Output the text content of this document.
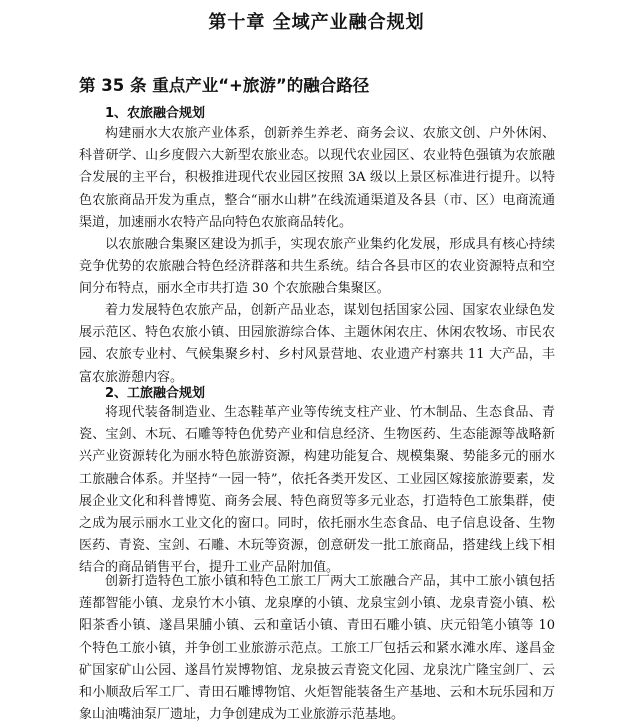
第十章 全域产业融合规划
第 35 条 重点产业“+旅游”的融合路径
1、农旅融合规划

构建丽水大农旅产业体系，创新养生养老、商务会议、农旅文创、户外休闲、科普研学、山乡度假六大新型农旅业态。以现代农业园区、农业特色强镇为农旅融合发展的主平台，积极推进现代农业园区按照 3A 级以上景区标准进行提升。以特色农旅商品开发为重点，整合“丽水山耕”在线流通渠道及各县（市、区）电商流通渠道，加速丽水农特产品向特色农旅商品转化。

以农旅融合集聚区建设为抓手，实现农旅产业集约化发展，形成具有核心持续竞争优势的农旅融合特色经济群落和共生系统。结合各县市区的农业资源特点和空间分布特点，丽水全市共打造 30 个农旅融合集聚区。

着力发展特色农旅产品，创新产品业态，谋划包括国家公园、国家农业绿色发展示范区、特色农旅小镇、田园旅游综合体、主题休闲农庄、休闲农牧场、市民农园、农旅专业村、气候集聚乡村、乡村风景营地、农业遗产村寨共 11 大产品，丰富农旅游憩内容。

2、工旅融合规划

将现代装备制造业、生态鞋革产业等传统支柱产业、竹木制品、生态食品、青瓷、宝剑、木玩、石雕等特色优势产业和信息经济、生物医药、生态能源等战略新兴产业资源转化为丽水特色旅游资源，构建功能复合、规模集聚、势能多元的丽水工旅融合体系。并坚持“一园一特”，依托各类开发区、工业园区嫁接旅游要素，发展企业文化和科普博览、商务会展、特色商贸等多元业态，打造特色工旅集群，使之成为展示丽水工业文化的窗口。同时，依托丽水生态食品、电子信息设备、生物医药、青瓷、宝剑、石雕、木玩等资源，创意研发一批工旅商品，搭建线上线下相结合的商品销售平台，提升工业产品附加值。

创新打造特色工旅小镇和特色工旅工厂两大工旅融合产品，其中工旅小镇包括莲都智能小镇、龙泉竹木小镇、龙泉摩的小镇、龙泉宝剑小镇、龙泉青瓷小镇、松阳茶香小镇、遂昌果脯小镇、云和童话小镇、青田石雕小镇、庆元铅笔小镇等 10 个特色工旅小镇，并争创工业旅游示范点。工旅工厂包括云和紧水滩水库、遂昌金矿国家矿山公园、遂昌竹炭博物馆、龙泉披云青瓷文化园、龙泉沈广隆宝剑厂、云和小顺敌后军工厂、青田石雕博物馆、火炬智能装备生产基地、云和木玩乐园和万象山油嘴油泵厂遗址，力争创建成为工业旅游示范基地。
